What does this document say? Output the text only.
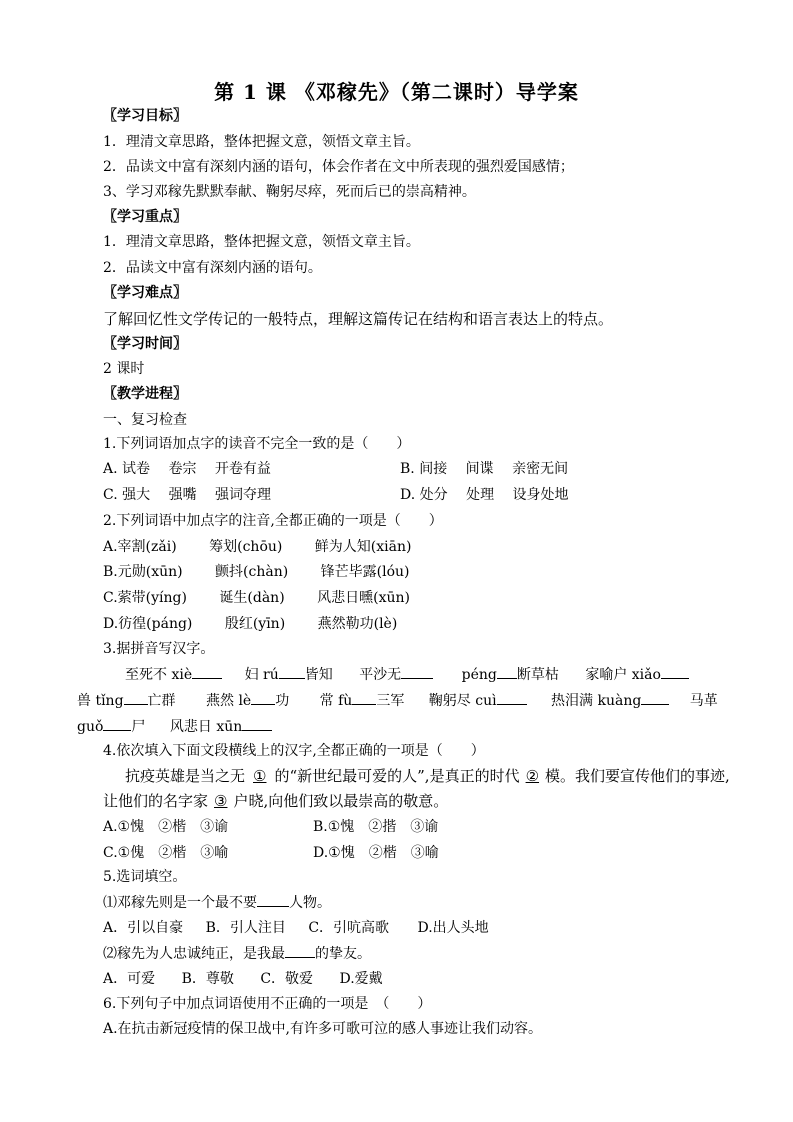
第 1 课 《邓稼先》（第二课时）导学案
〖学习目标〗
1．理清文章思路，整体把握文意，领悟文章主旨。
2．品读文中富有深刻内涵的语句，体会作者在文中所表现的强烈爱国感情；
3、学习邓稼先默默奉献、鞠躬尽瘁，死而后已的崇高精神。
〖学习重点〗
1．理清文章思路，整体把握文意，领悟文章主旨。
2．品读文中富有深刻内涵的语句。
〖学习难点〗
了解回忆性文学传记的一般特点，理解这篇传记在结构和语言表达上的特点。
〖学习时间〗
2 课时
〖教学进程〗
一、复习检查
1.下列词语加点字的读音不完全一致的是（　　）
A. 试卷　 卷宗　 开卷有益	B. 间接　 间谍　 亲密无间
C. 强大　 强嘴　 强词夺理	D. 处分　 处理　 设身处地
2.下列词语中加点字的注音,全都正确的一项是（　　）
A.宰割(zǎi)　　 筹划(chōu)　　 鲜为人知(xiān)
B.元勋(xūn)　　 颤抖(chàn)　　 锋芒毕露(lóu)
C.萦带(yíng)　　 诞生(dàn)　　 风悲日曛(xūn)
D.彷徨(páng)　　 殷红(yīn)　　 燕然勒功(lè)
3.据拼音写汉字。
至死不 xiè	妇 rú 皆知 平沙无	péng 断草枯 家喻户 xiǎo
兽 tǐng 亡群 燕然 lè 功 常 fù 三军 鞠躬尽 cuì	热泪满 kuàng	马革
guǒ 尸 风悲日 xūn
4.依次填入下面文段横线上的汉字,全都正确的一项是（　　）
抗疫英雄是当之无 ① 的“新世纪最可爱的人”,是真正的时代 ② 模。我们要宣传他们的事迹,
让他们的名字家 ③ 户晓,向他们致以最崇高的敬意。
A.①愧　②楷　③谕	B.①愧　②揩　③谕
C.①傀　②楷　③喻	D.①愧　②楷　③喻
5.选词填空。
⑴邓稼先则是一个最不要 人物。
A．引以自豪 B．引人注目 C．引吭高歌 D.出人头地
⑵稼先为人忠诚纯正，是我最 的挚友。
A．可爱 B．尊敬 C．敬爱 D.爱戴
6.下列句子中加点词语使用不正确的一项是　（　　）
A.在抗击新冠疫情的保卫战中,有许多可歌可泣的感人事迹让我们动容。
